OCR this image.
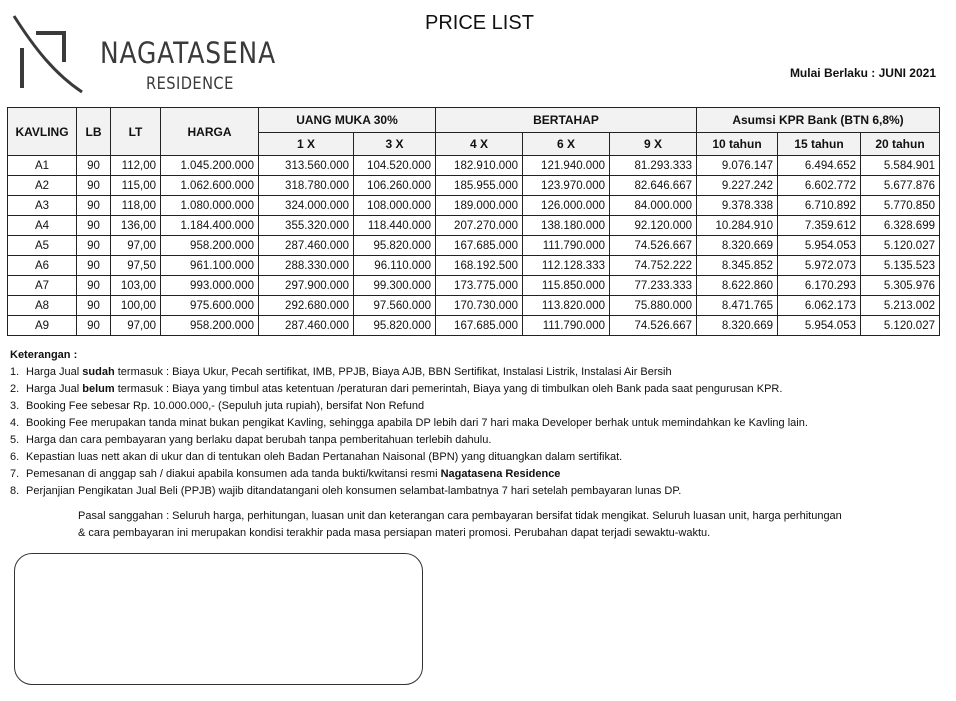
NAGATASENA
RESIDENCE
PRICE LIST
Mulai Berlaku : JUNI 2021
KAVLING	LB	LT	HARGA	UANG MUKA 30%		BERTAHAP			Asumsi KPR Bank (BTN 6,8%)		
				1 X	3 X	4 X	6 X	9 X	10 tahun	15 tahun	20 tahun
A1	90	112,00	1.045.200.000	313.560.000	104.520.000	182.910.000	121.940.000	81.293.333	9.076.147	6.494.652	5.584.901
A2	90	115,00	1.062.600.000	318.780.000	106.260.000	185.955.000	123.970.000	82.646.667	9.227.242	6.602.772	5.677.876
A3	90	118,00	1.080.000.000	324.000.000	108.000.000	189.000.000	126.000.000	84.000.000	9.378.338	6.710.892	5.770.850
A4	90	136,00	1.184.400.000	355.320.000	118.440.000	207.270.000	138.180.000	92.120.000	10.284.910	7.359.612	6.328.699
A5	90	97,00	958.200.000	287.460.000	95.820.000	167.685.000	111.790.000	74.526.667	8.320.669	5.954.053	5.120.027
A6	90	97,50	961.100.000	288.330.000	96.110.000	168.192.500	112.128.333	74.752.222	8.345.852	5.972.073	5.135.523
A7	90	103,00	993.000.000	297.900.000	99.300.000	173.775.000	115.850.000	77.233.333	8.622.860	6.170.293	5.305.976
A8	90	100,00	975.600.000	292.680.000	97.560.000	170.730.000	113.820.000	75.880.000	8.471.765	6.062.173	5.213.002
A9	90	97,00	958.200.000	287.460.000	95.820.000	167.685.000	111.790.000	74.526.667	8.320.669	5.954.053	5.120.027
Keterangan :
1. Harga Jual sudah termasuk : Biaya Ukur, Pecah sertifikat, IMB, PPJB, Biaya AJB, BBN Sertifikat, Instalasi Listrik, Instalasi Air Bersih
2. Harga Jual belum termasuk : Biaya yang timbul atas ketentuan /peraturan dari pemerintah, Biaya yang di timbulkan oleh Bank pada saat pengurusan KPR.
3. Booking Fee sebesar Rp. 10.000.000,- (Sepuluh juta rupiah), bersifat Non Refund
4. Booking Fee merupakan tanda minat bukan pengikat Kavling, sehingga apabila DP lebih dari 7 hari maka Developer berhak untuk memindahkan ke Kavling lain.
5. Harga dan cara pembayaran yang berlaku dapat berubah tanpa pemberitahuan terlebih dahulu.
6. Kepastian luas nett akan di ukur dan di tentukan oleh Badan Pertanahan Naisonal (BPN) yang dituangkan dalam sertifikat.
7. Pemesanan di anggap sah / diakui apabila konsumen ada tanda bukti/kwitansi resmi Nagatasena Residence
8. Perjanjian Pengikatan Jual Beli (PPJB) wajib ditandatangani oleh konsumen selambat-lambatnya 7 hari setelah pembayaran lunas DP.
Pasal sanggahan : Seluruh harga, perhitungan, luasan unit dan keterangan cara pembayaran bersifat tidak mengikat. Seluruh luasan unit, harga perhitungan
& cara pembayaran ini merupakan kondisi terakhir pada masa persiapan materi promosi. Perubahan dapat terjadi sewaktu-waktu.
